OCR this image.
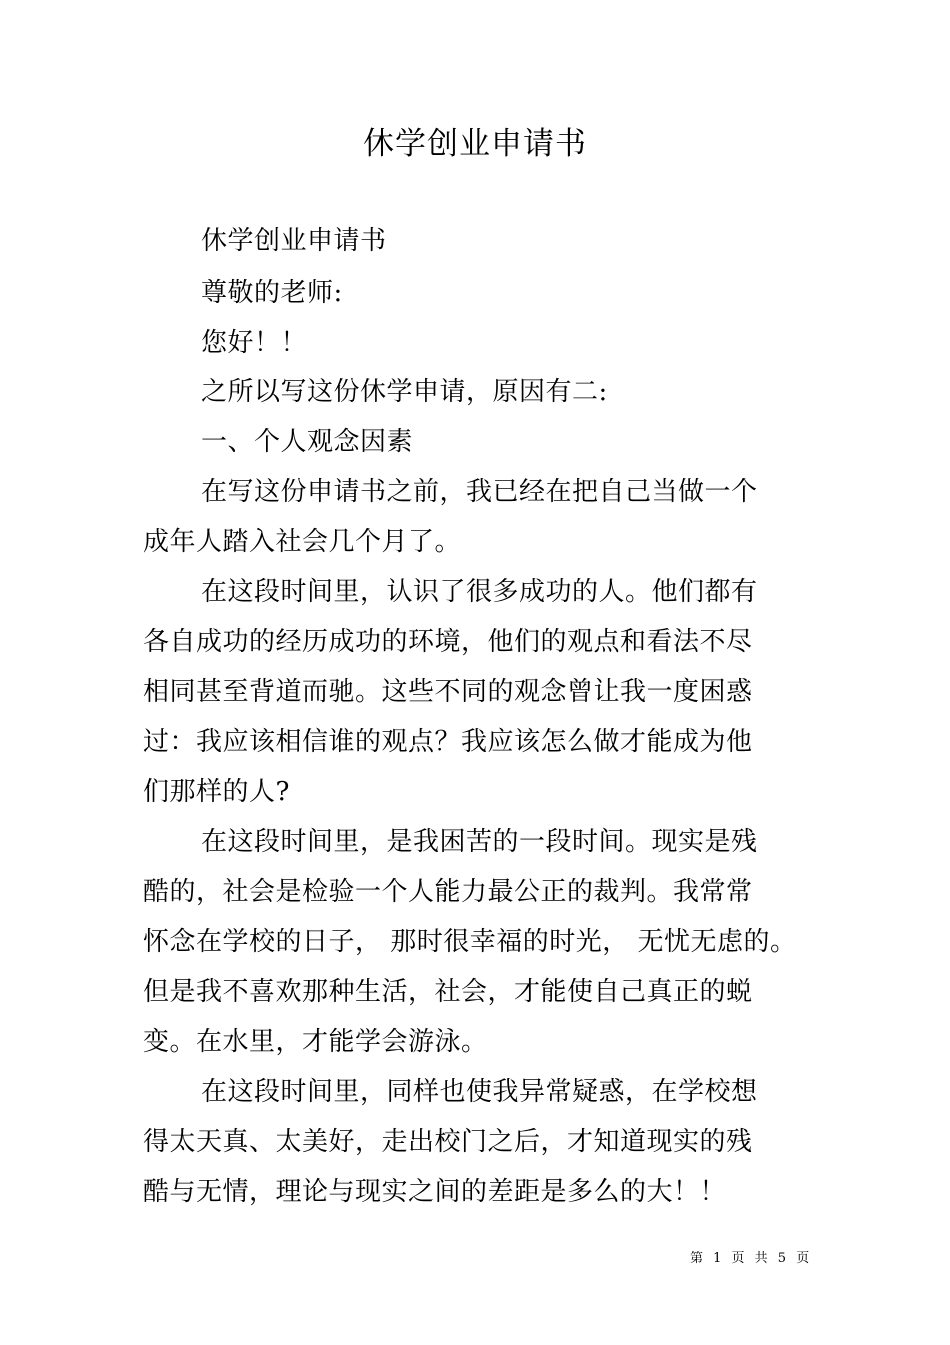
休学创业申请书
休学创业申请书
尊敬的老师:
您好！！
之所以写这份休学申请，原因有二:
一、个人观念因素
在写这份申请书之前，我已经在把自己当做一个
成年人踏入社会几个月了。
在这段时间里，认识了很多成功的人。他们都有
各自成功的经历成功的环境，他们的观点和看法不尽
相同甚至背道而驰。这些不同的观念曾让我一度困惑
过：我应该相信谁的观点？我应该怎么做才能成为他
们那样的人?
在这段时间里，是我困苦的一段时间。现实是残
酷的，社会是检验一个人能力最公正的裁判。我常常
怀念在学校的日子， 那时很幸福的时光， 无忧无虑的。
但是我不喜欢那种生活，社会，才能使自己真正的蜕
变。在水里，才能学会游泳。
在这段时间里，同样也使我异常疑惑，在学校想
得太天真、太美好，走出校门之后，才知道现实的残
酷与无情，理论与现实之间的差距是多么的大！！
第 1 页 共 5 页
